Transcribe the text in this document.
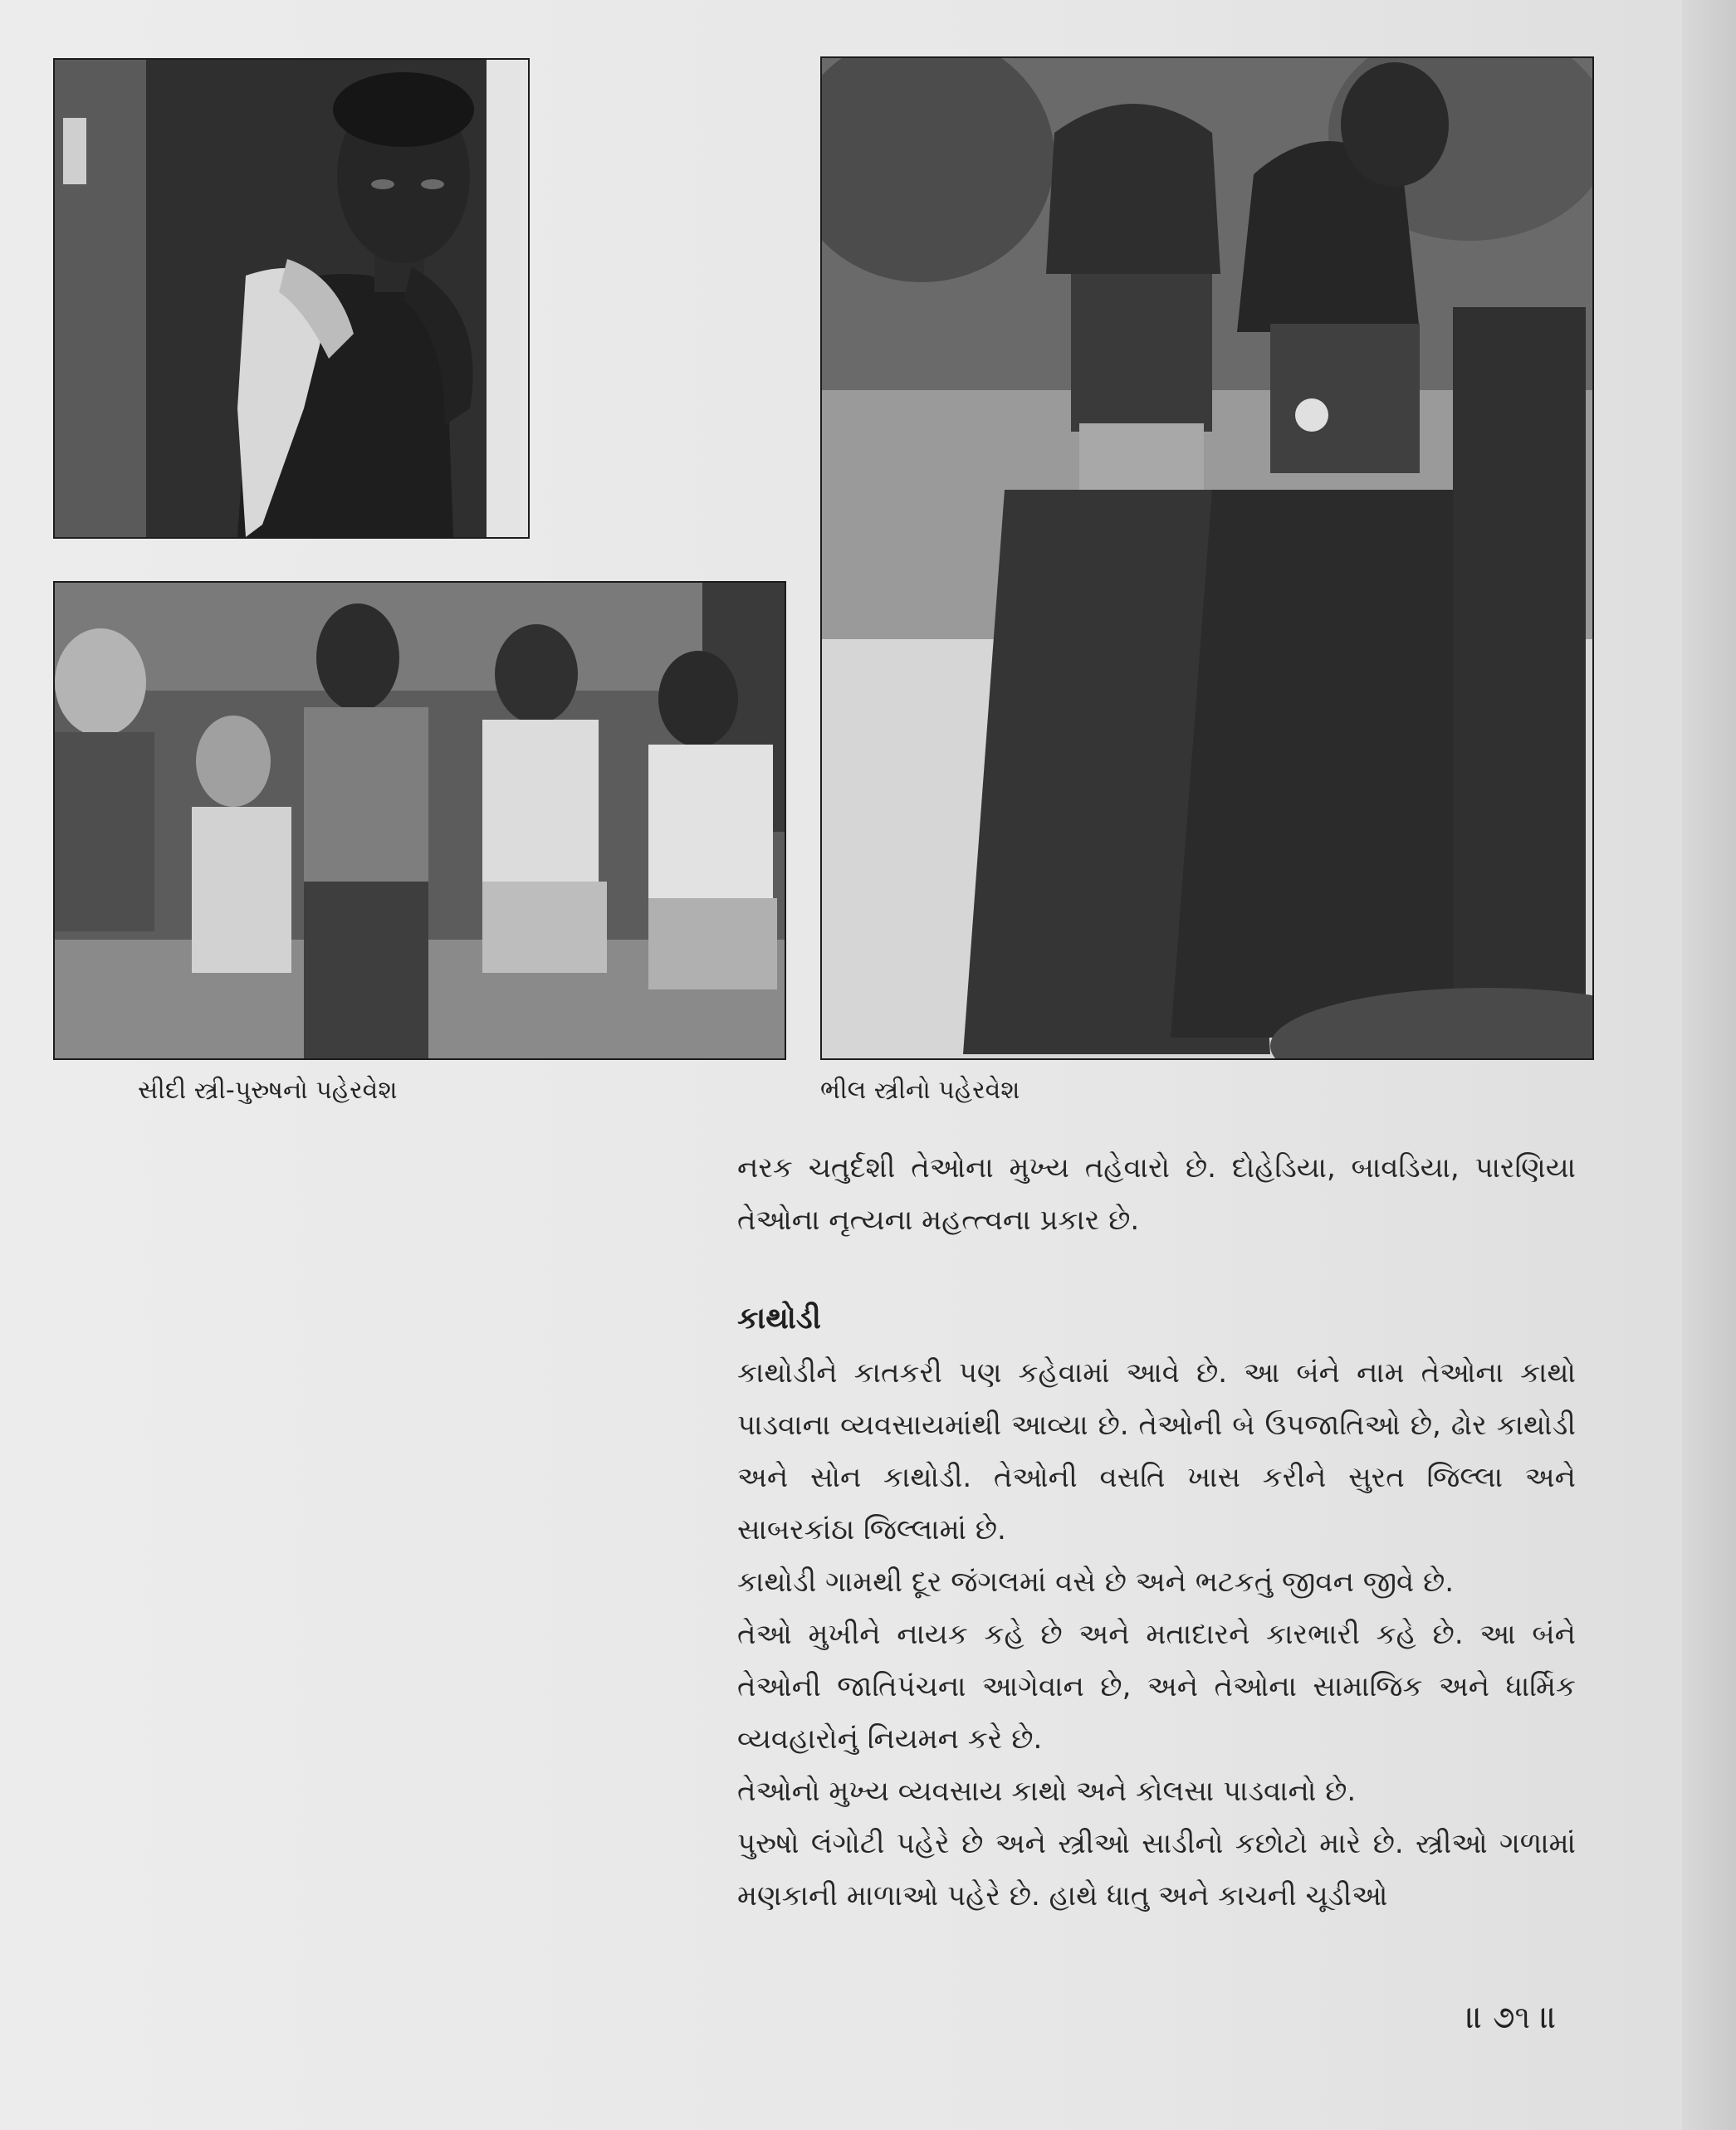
સીદી સ્ત્રી-પુરુષનો પહેરવેશ	ભીલ સ્ત્રીનો પહેરવેશ

નરક ચતુર્દશી તેઓના મુખ્ય તહેવારો છે. દોહેડિયા, બાવડિયા, પારણિયા તેઓના નૃત્યના મહત્ત્વના પ્રકાર છે.

કાથોડી

કાથોડીને કાતકરી પણ કહેવામાં આવે છે. આ બંને નામ તેઓના કાથો પાડવાના વ્યવસાયમાંથી આવ્યા છે. તેઓની બે ઉપજાતિઓ છે, ઢોર કાથોડી અને સોન કાથોડી. તેઓની વસતિ ખાસ કરીને સુરત જિલ્લા અને સાબરકાંઠા જિલ્લામાં છે.

કાથોડી ગામથી દૂર જંગલમાં વસે છે અને ભટકતું જીવન જીવે છે.

તેઓ મુખીને નાયક કહે છે અને મતાદારને કારભારી કહે છે. આ બંને તેઓની જાતિપંચના આગેવાન છે, અને તેઓના સામાજિક અને ધાર્મિક વ્યવહારોનું નિયમન કરે છે.

તેઓનો મુખ્ય વ્યવસાય કાથો અને કોલસા પાડવાનો છે.

પુરુષો લંગોટી પહેરે છે અને સ્ત્રીઓ સાડીનો કછોટો મારે છે. સ્ત્રીઓ ગળામાં મણકાની માળાઓ પહેરે છે. હાથે ધાતુ અને કાચની ચૂડીઓ

॥ ૭૧ ॥
